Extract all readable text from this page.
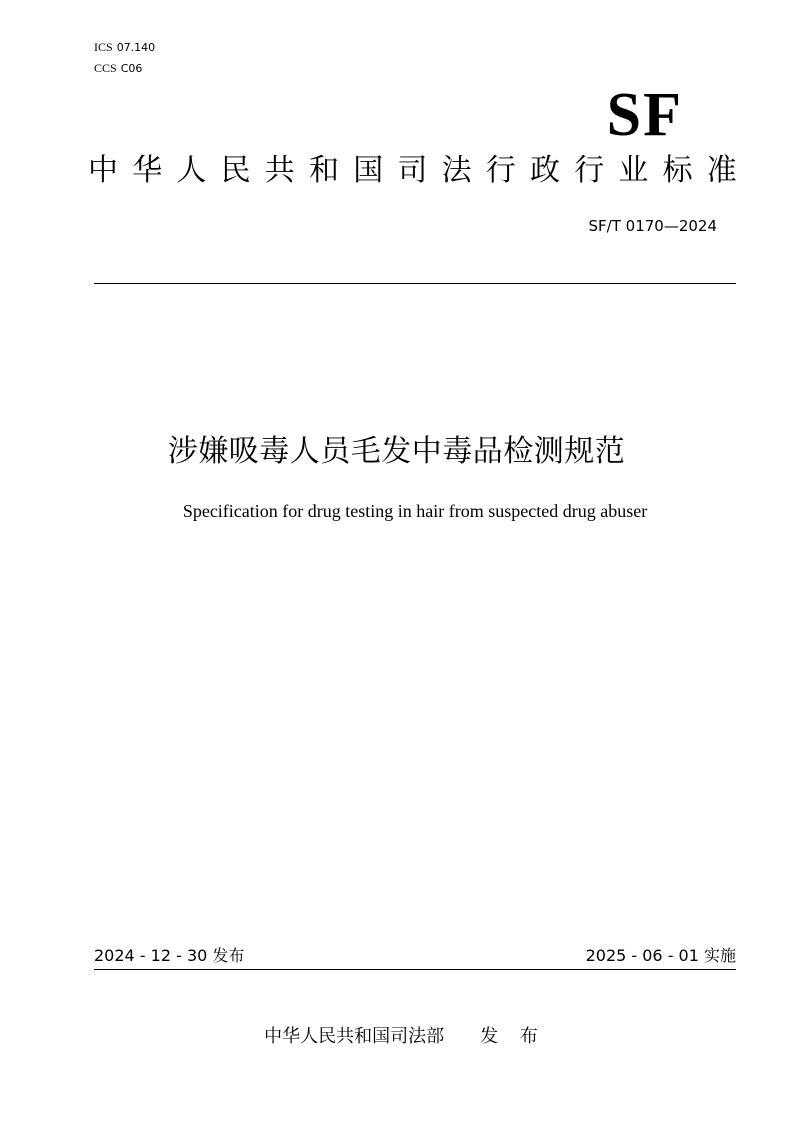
ICS 07.140
CCS C06
SF
中华人民共和国司法行政行业标准
SF/T 0170—2024
涉嫌吸毒人员毛发中毒品检测规范
Specification for drug testing in hair from suspected drug abuser
2024 - 12 - 30 发布	2025 - 06 - 01 实施
中华人民共和国司法部 发 布
